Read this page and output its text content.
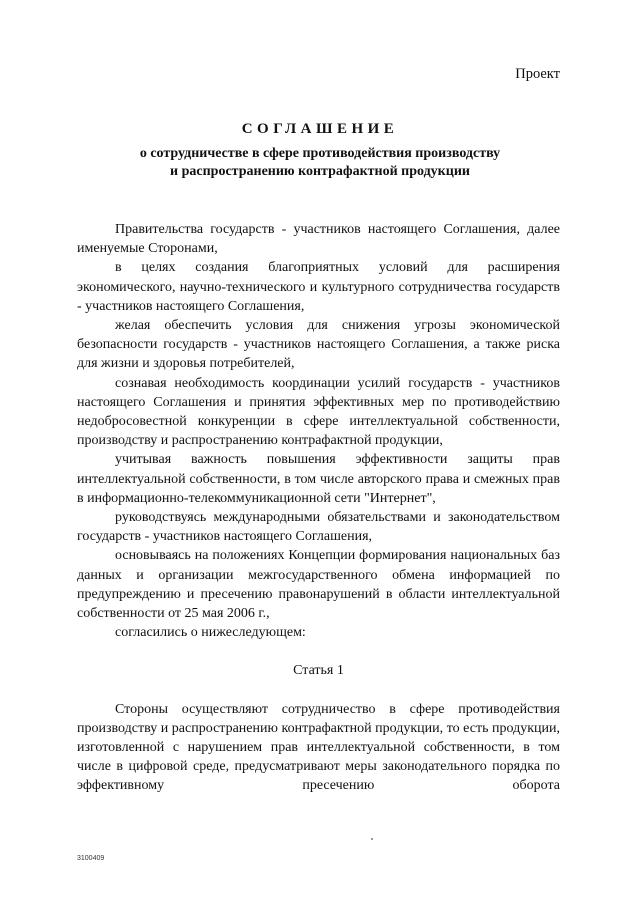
Проект
СОГЛАШЕНИЕ
о сотрудничестве в сфере противодействия производству
и распространению контрафактной продукции

Правительства государств - участников настоящего Соглашения, далее именуемые Сторонами,

в целях создания благоприятных условий для расширения экономического, научно-технического и культурного сотрудничества государств - участников настоящего Соглашения,

желая обеспечить условия для снижения угрозы экономической безопасности государств - участников настоящего Соглашения, а также риска для жизни и здоровья потребителей,

сознавая необходимость координации усилий государств - участников настоящего Соглашения и принятия эффективных мер по противодействию недобросовестной конкуренции в сфере интеллектуальной собственности, производству и распространению контрафактной продукции,

учитывая важность повышения эффективности защиты прав интеллектуальной собственности, в том числе авторского права и смежных прав в информационно-телекоммуникационной сети "Интернет",

руководствуясь международными обязательствами и законодательством государств - участников настоящего Соглашения,

основываясь на положениях Концепции формирования национальных баз данных и организации межгосударственного обмена информацией по предупреждению и пресечению правонарушений в области интеллектуальной собственности от 25 мая 2006 г.,

согласились о нижеследующем:

Статья 1

Стороны осуществляют сотрудничество в сфере противодействия производству и распространению контрафактной продукции, то есть продукции, изготовленной с нарушением прав интеллектуальной собственности, в том числе в цифровой среде, предусматривают меры законодательного порядка по эффективному пресечению оборота

3100409
